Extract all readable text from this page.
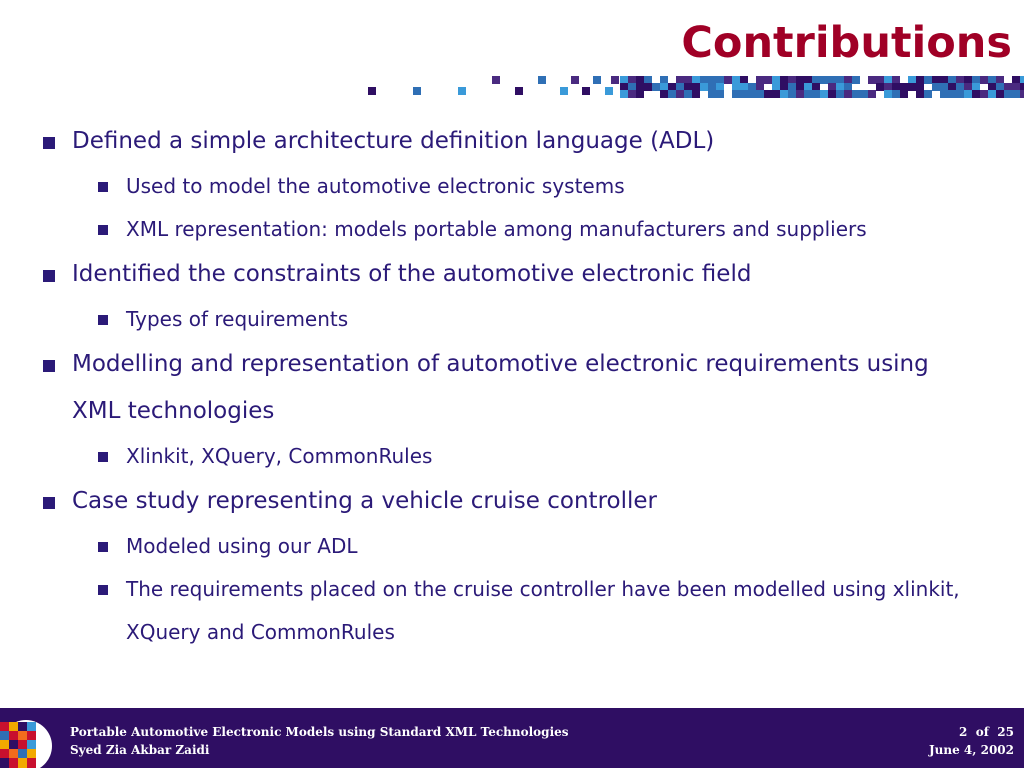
Contributions
Defined a simple architecture definition language (ADL)
Used to model the automotive electronic systems
XML representation: models portable among manufacturers and suppliers
Identified the constraints of the automotive electronic field
Types of requirements
Modelling and representation of automotive electronic requirements using XML technologies
Xlinkit, XQuery, CommonRules
Case study representing a vehicle cruise controller
Modeled using our ADL
The requirements placed on the cruise controller have been modelled using xlinkit, XQuery and CommonRules
Portable Automotive Electronic Models using Standard XML Technologies
Syed Zia Akbar Zaidi
2 of 25
June 4, 2002
